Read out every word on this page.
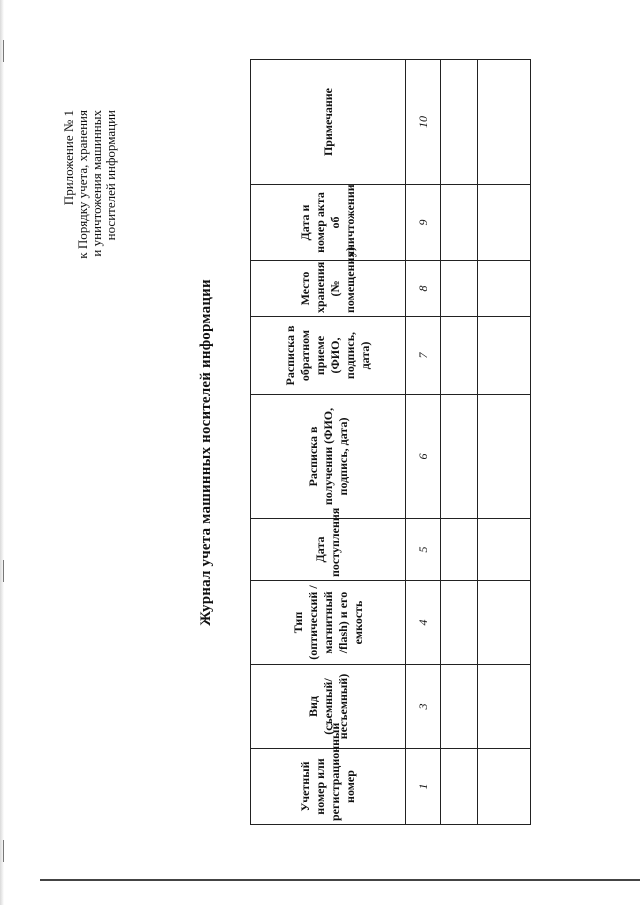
Приложение № 1 к Порядку учета, хранения и уничтожения машинных носителей информации
Журнал учета машинных носителей информации
Учетный номер или регистрационный номер	Вид (съемный/несъемный)	Тип (оптический /магнитный /flash) и его емкость	Дата поступления	Расписка в получении (ФИО, подпись, дата)	Расписка в обратном приеме (ФИО, подпись, дата)	Место хранения (№ помещения)	Дата и номер акта об уничтожении	Примечание
1	3	4	5	6	7	8	9	10
